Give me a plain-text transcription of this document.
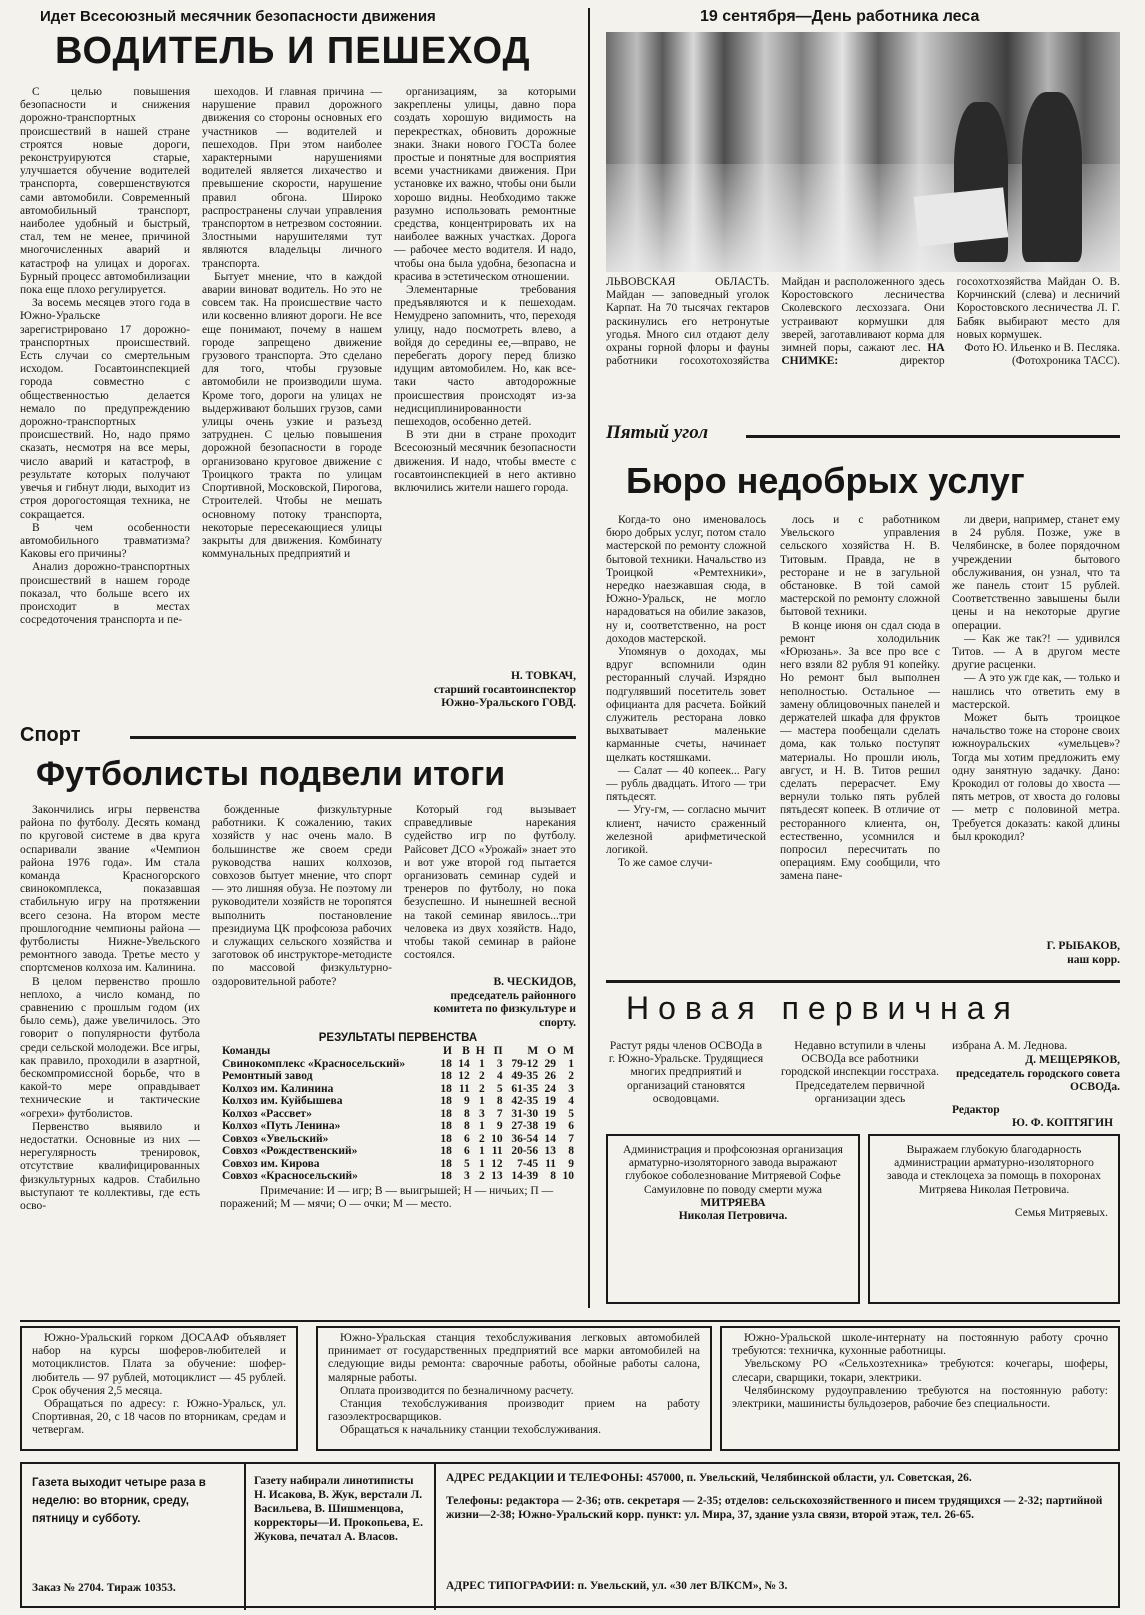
Идет Всесоюзный месячник безопасности движения
ВОДИТЕЛЬ И ПЕШЕХОД

С целью повышения безопасности и снижения дорожно-транспортных происшествий в нашей стране строятся новые дороги, реконструируются старые, улучшается обучение водителей транспорта, совершенствуются сами автомобили. Современный автомобильный транспорт, наиболее удобный и быстрый, стал, тем не менее, причиной многочисленных аварий и катастроф на улицах и дорогах. Бурный процесс автомобилизации пока еще плохо регулируется.

За восемь месяцев этого года в Южно-Уральске зарегистрировано 17 дорожно-транспортных происшествий. Есть случаи со смертельным исходом. Госавтоинспекцией города совместно с общественностью делается немало по предупреждению дорожно-транспортных происшествий. Но, надо прямо сказать, несмотря на все меры, число аварий и катастроф, в результате которых получают увечья и гибнут люди, выходит из строя дорогостоящая техника, не сокращается.

В чем особенности автомобильного травматизма? Каковы его причины?

Анализ дорожно-транспортных происшествий в нашем городе показал, что больше всего их происходит в местах сосредоточения транспорта и пе-

шеходов. И главная причина — нарушение правил дорожного движения со стороны основных его участников — водителей и пешеходов. При этом наиболее характерными нарушениями водителей является лихачество и превышение скорости, нарушение правил обгона. Широко распространены случаи управления транспортом в нетрезвом состоянии. Злостными нарушителями тут являются владельцы личного транспорта.

Бытует мнение, что в каждой аварии виноват водитель. Но это не совсем так. На происшествие часто или косвенно влияют дороги. Не все еще понимают, почему в нашем городе запрещено движение грузового транспорта. Это сделано для того, чтобы грузовые автомобили не производили шума. Кроме того, дороги на улицах не выдерживают больших грузов, сами улицы очень узкие и разъезд затруднен. С целью повышения дорожной безопасности в городе организовано круговое движение с Троицкого тракта по улицам Спортивной, Московской, Пирогова, Строителей. Чтобы не мешать основному потоку транспорта, некоторые пересекающиеся улицы закрыты для движения. Комбинату коммунальных предприятий и

организациям, за которыми закреплены улицы, давно пора создать хорошую видимость на перекрестках, обновить дорожные знаки. Знаки нового ГОСТа более простые и понятные для восприятия всеми участниками движения. При установке их важно, чтобы они были хорошо видны. Необходимо также разумно использовать ремонтные средства, концентрировать их на наиболее важных участках. Дорога — рабочее место водителя. И надо, чтобы она была удобна, безопасна и красива в эстетическом отношении.

Элементарные требования предъявляются и к пешеходам. Немудрено запомнить, что, переходя улицу, надо посмотреть влево, а войдя до середины ее,—вправо, не перебегать дорогу перед близко идущим автомобилем. Но, как все-таки часто автодорожные происшествия происходят из-за недисциплинированности пешеходов, особенно детей.

В эти дни в стране проходит Всесоюзный месячник безопасности движения. И надо, чтобы вместе с госавтоинспекцией в него активно включились жители нашего города.

Н. ТОВКАЧ,
старший госавтоинспектор Южно-Уральского ГОВД.
19 сентября—День работника леса
ЛЬВОВСКАЯ ОБЛАСТЬ. Майдан — заповедный уголок Карпат. На 70 тысячах гектаров раскинулись его нетронутые угодья. Много сил отдают делу охраны горной флоры и фауны работники госохотохозяйства Майдан и расположенного здесь Коростовского лесничества Сколевского лесхоззага. Они устраивают кормушки для зверей, заготавливают корма для зимней поры, сажают лес. НА СНИМКЕ:	директор госохотхозяйства Майдан О. В. Корчинский (слева) и лесничий Коростовского лесничества Л. Г. Бабяк выбирают место для новых кормушек.
Фото Ю. Ильенко и В. Песляка.
(Фотохроника ТАСС).
Пятый угол
Бюро недобрых услуг

Когда-то оно именовалось бюро добрых услуг, потом стало мастерской по ремонту сложной бытовой техники. Начальство из Троицкой «Ремтехники», нередко наезжавшая сюда, в Южно-Уральск, не могло нарадоваться на обилие заказов, ну и, соответственно, на рост доходов мастерской.

Упомянув о доходах, мы вдруг вспомнили один ресторанный случай. Изрядно подгулявший посетитель зовет официанта для расчета. Бойкий служитель ресторана ловко выхватывает маленькие карманные счеты, начинает щелкать костяшками.

— Салат — 40 копеек... Рагу — рубль двадцать. Итого — три пятьдесят.

— Угу-гм, — согласно мычит клиент, начисто сраженный железной арифметической логикой.

То же самое случи-

лось и с работником Увельского управления сельского хозяйства Н. В. Титовым. Правда, не в ресторане и не в загульной обстановке. В той самой мастерской по ремонту сложной бытовой техники.

В конце июня он сдал сюда в ремонт холодильник «Юрюзань». За все про все с него взяли 82 рубля 91 копейку. Но ремонт был выполнен неполностью. Остальное — замену облицовочных панелей и держателей шкафа для фруктов — мастера пообещали сделать дома, как только поступят материалы. Но прошли июль, август, и Н. В. Титов решил сделать перерасчет. Ему вернули только пять рублей пятьдесят копеек. В отличие от ресторанного клиента, он, естественно, усомнился и попросил пересчитать по операциям. Ему сообщили, что замена пане-

ли двери, например, станет ему в 24 рубля. Позже, уже в Челябинске, в более порядочном учреждении бытового обслуживания, он узнал, что та же панель стоит 15 рублей. Соответственно завышены были цены и на некоторые другие операции.

— Как же так?! — удивился Титов. — А в другом месте другие расценки.

— А это уж где как, — только и нашлись что ответить ему в мастерской.

Может быть троицкое начальство тоже на стороне своих южноуральских «умельцев»? Тогда мы хотим предложить ему одну занятную задачку. Дано: Крокодил от головы до хвоста — пять метров, от хвоста до головы — метр с половиной метра. Требуется доказать: какой длины был крокодил?

Г. РЫБАКОВ,
наш корр.
Спорт
Футболисты подвели итоги

Закончились игры первенства района по футболу. Десять команд по круговой системе в два круга оспаривали звание «Чемпион района 1976 года». Им стала команда Красногорского свинокомплекса, показавшая стабильную игру на протяжении всего сезона. На втором месте прошлогодние чемпионы района — футболисты Нижне-Увельского ремонтного завода. Третье место у спортсменов колхоза им. Калинина.

В целом первенство прошло неплохо, а число команд, по сравнению с прошлым годом (их было семь), даже увеличилось. Это говорит о популярности футбола среди сельской молодежи. Все игры, как правило, проходили в азартной, бескомпромиссной борьбе, что в какой-то мере оправдывает технические и тактические «огрехи» футболистов.

Первенство выявило и недостатки. Основные из них — нерегулярность тренировок, отсутствие квалифицированных физкультурных кадров. Стабильно выступают те коллективы, где есть осво-

божденные физкультурные работники. К сожалению, таких хозяйств у нас очень мало. В большинстве же своем среди руководства наших колхозов, совхозов бытует мнение, что спорт — это лишняя обуза. Не поэтому ли руководители хозяйств не торопятся выполнить постановление президиума ЦК профсоюза рабочих и служащих сельского хозяйства и заготовок об инструкторе-методисте по массовой физкультурно-оздоровительной работе?

Который год вызывает справедливые нарекания судейство игр по футболу. Райсовет ДСО «Урожай» знает это и вот уже второй год пытается организовать семинар судей и тренеров по футболу, но пока безуспешно. И нынешней весной на такой семинар явилось...три человека из двух хозяйств. Надо, чтобы такой семинар в районе состоялся.

В. ЧЕСКИДОВ,
председатель районного комитета по физкультуре и спорту.
РЕЗУЛЬТАТЫ ПЕРВЕНСТВА
Команды	И	В	Н	П	М	О	М
Свинокомплекс «Красносельский»	18	14	1	3	79-12	29	1
Ремонтный завод	18	12	2	4	49-35	26	2
Колхоз им. Калинина	18	11	2	5	61-35	24	3
Колхоз им. Куйбышева	18	9	1	8	42-35	19	4
Колхоз «Рассвет»	18	8	3	7	31-30	19	5
Колхоз «Путь Ленина»	18	8	1	9	27-38	19	6
Совхоз «Увельский»	18	6	2	10	36-54	14	7
Совхоз «Рождественский»	18	6	1	11	20-56	13	8
Совхоз им. Кирова	18	5	1	12	7-45	11	9
Совхоз «Красносельский»	18	3	2	13	14-39	8	10
Примечание: И — игр; В — выигрышей; Н — ничьих; П — поражений; М — мячи; О — очки; М — место.
Новая первичная
Растут ряды членов ОСВОДа в г. Южно-Уральске. Трудящиеся многих предприятий и организаций становятся осводовцами.
Недавно вступили в члены ОСВОДа все работники городской инспекции госстраха. Председателем первичной организации здесь
избрана А. М. Леднова.
Д. МЕЩЕРЯКОВ,
председатель городского совета ОСВОДа.
Редактор
Ю. Ф. КОПТЯГИН
Администрация и профсоюзная организация арматурно-изоляторного завода выражают глубокое соболезнование Митряевой Софье Самуиловне по поводу смерти мужа
МИТРЯЕВА
Николая Петровича.
Выражаем глубокую благодарность администрации арматурно-изоляторного завода и стеклоцеха за помощь в похоронах Митряева Николая Петровича.
Семья Митряевых.

Южно-Уральский горком ДОСААФ объявляет набор на курсы шоферов-любителей и мотоциклистов. Плата за обучение: шофер-любитель — 97 рублей, мотоциклист — 45 рублей. Срок обучения 2,5 месяца.

Обращаться по адресу: г. Южно-Уральск, ул. Спортивная, 20, с 18 часов по вторникам, средам и четвергам.

Южно-Уральская станция техобслуживания легковых автомобилей принимает от государственных предприятий все марки автомобилей на следующие виды ремонта: сварочные работы, обойные работы салона, малярные работы.

Оплата производится по безналичному расчету.

Станция техобслуживания производит прием на работу газоэлектросварщиков.

Обращаться к начальнику станции техобслуживания.

Южно-Уральской школе-интернату на постоянную работу срочно требуются: техничка, кухонные работницы.

Увельскому РО «Сельхозтехника» требуются: кочегары, шоферы, слесари, сварщики, токари, электрики.

Челябинскому рудоуправлению требуются на постоянную работу: электрики, машинисты бульдозеров, рабочие без специальности.

Газета выходит четыре раза в неделю: во вторник, среду, пятницу и субботу.
Заказ № 2704. Тираж 10353.
Газету набирали линотиписты Н. Исакова, В. Жук, верстали Л. Васильева, В. Шишменцова, корректоры—И. Прокопьева, Е. Жукова, печатал А. Власов.
АДРЕС РЕДАКЦИИ И ТЕЛЕФОНЫ: 457000, п. Увельский, Челябинской области, ул. Советская, 26.
Телефоны: редактора — 2-36; отв. секретаря — 2-35; отделов: сельскохозяйственного и писем трудящихся — 2-32; партийной жизни—2-38; Южно-Уральский корр. пункт: ул. Мира, 37, здание узла связи, второй этаж, тел. 26-65.
АДРЕС ТИПОГРАФИИ: п. Увельский, ул. «30 лет ВЛКСМ», № 3.
